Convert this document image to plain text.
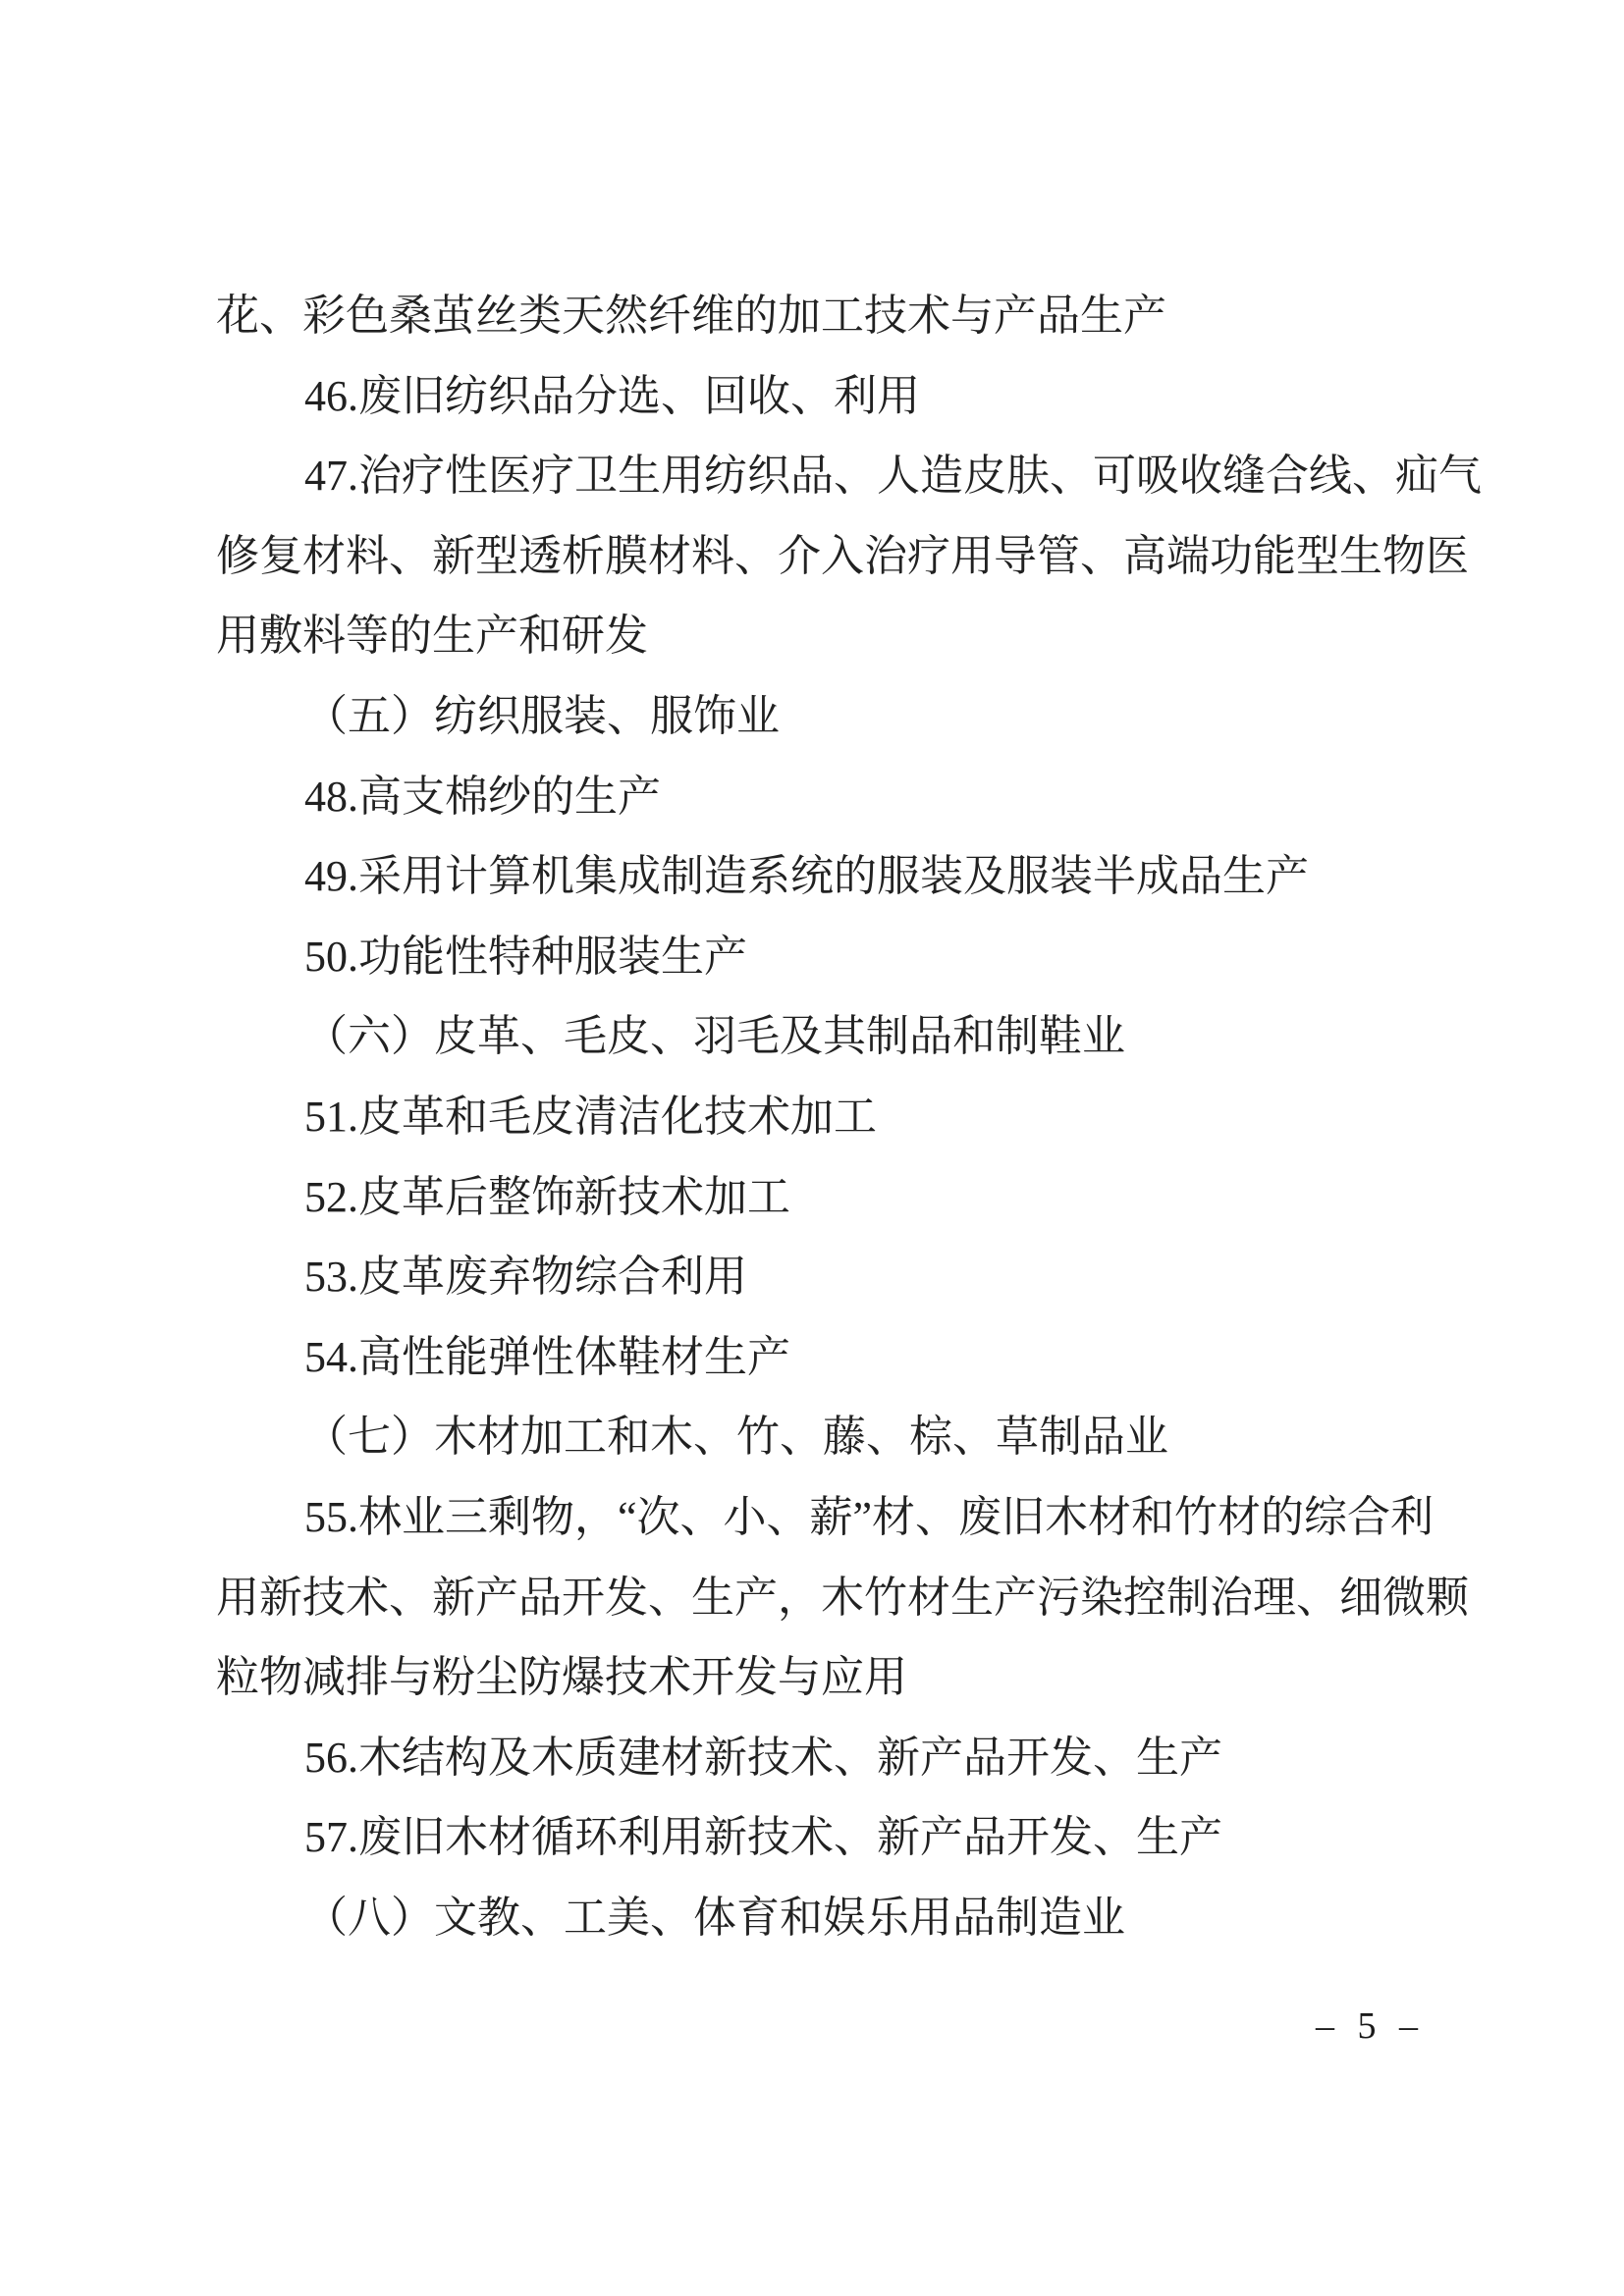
花、彩色桑茧丝类天然纤维的加工技术与产品生产
46.废旧纺织品分选、回收、利用
47.治疗性医疗卫生用纺织品、人造皮肤、可吸收缝合线、疝气
修复材料、新型透析膜材料、介入治疗用导管、高端功能型生物医
用敷料等的生产和研发
（五）纺织服装、服饰业
48.高支棉纱的生产
49.采用计算机集成制造系统的服装及服装半成品生产
50.功能性特种服装生产
（六）皮革、毛皮、羽毛及其制品和制鞋业
51.皮革和毛皮清洁化技术加工
52.皮革后整饰新技术加工
53.皮革废弃物综合利用
54.高性能弹性体鞋材生产
（七）木材加工和木、竹、藤、棕、草制品业
55.林业三剩物，“次、小、薪”材、废旧木材和竹材的综合利
用新技术、新产品开发、生产，木竹材生产污染控制治理、细微颗
粒物减排与粉尘防爆技术开发与应用
56.木结构及木质建材新技术、新产品开发、生产
57.废旧木材循环利用新技术、新产品开发、生产
（八）文教、工美、体育和娱乐用品制造业
– 5 –
